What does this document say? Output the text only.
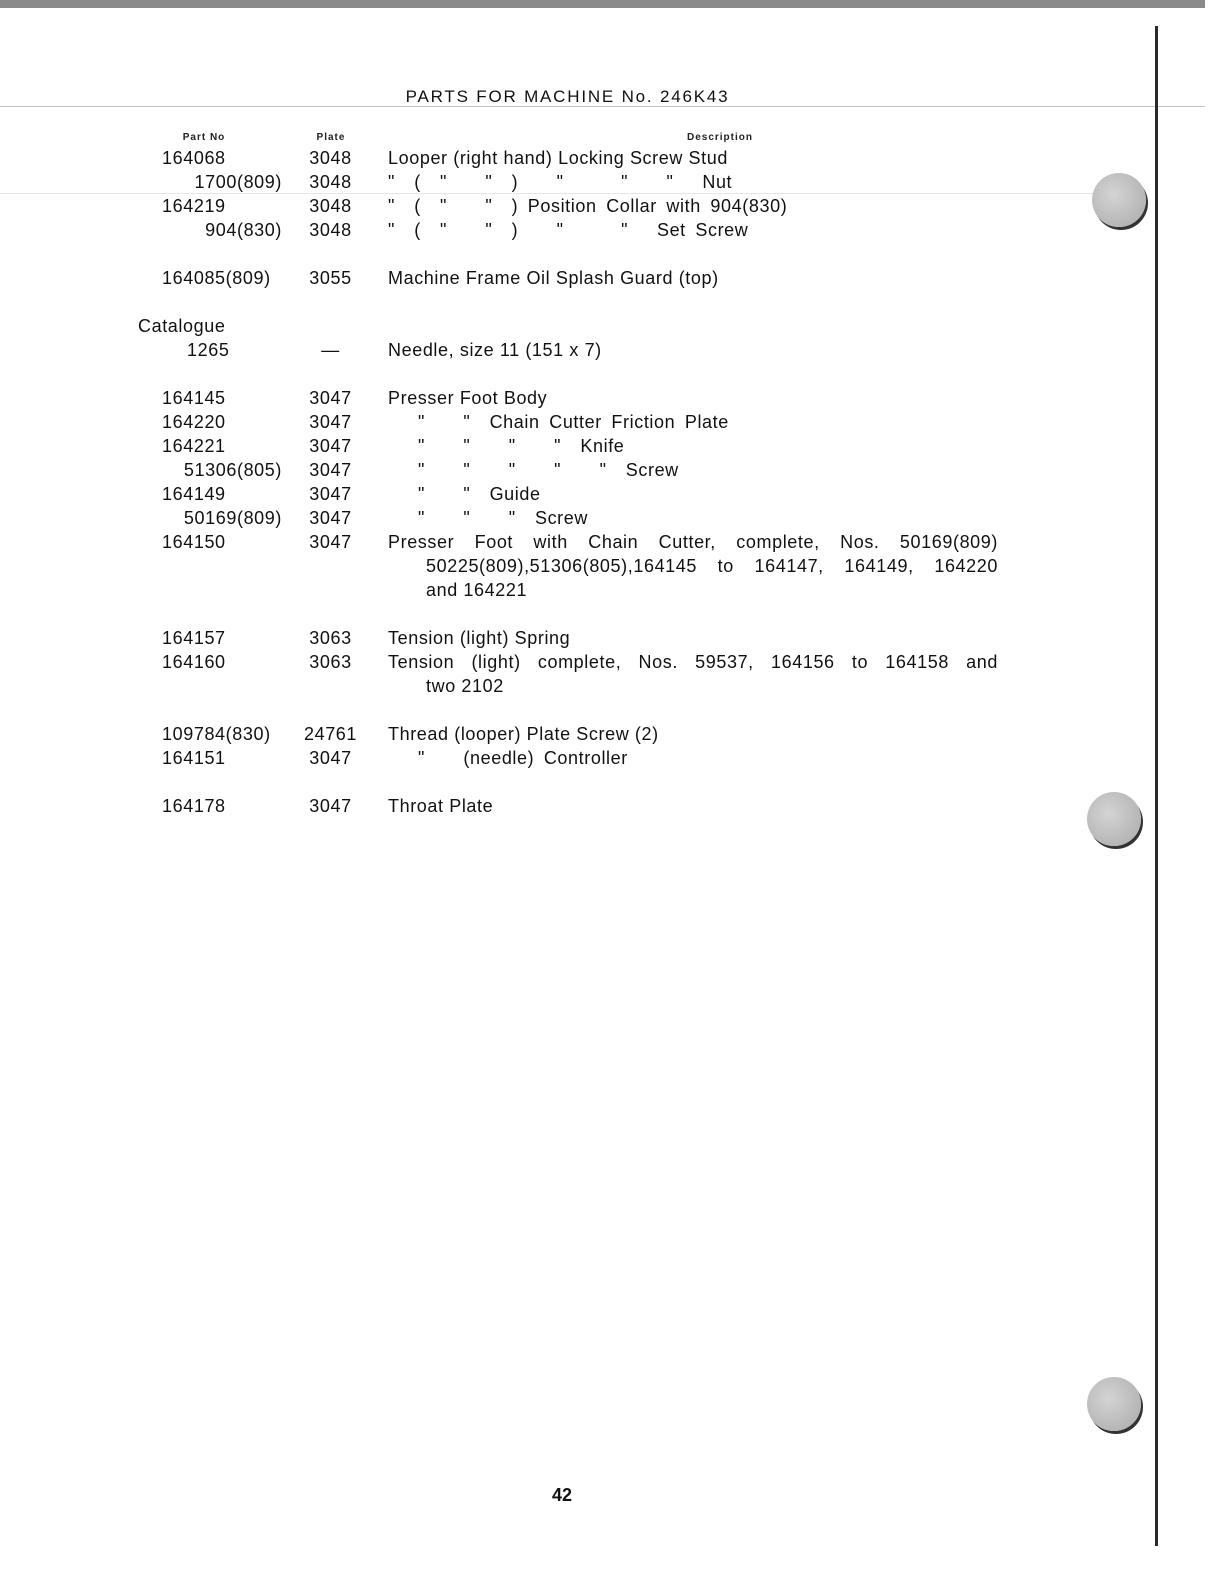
PARTS FOR MACHINE No. 246K43
Part No	Plate	Description
164068	3048	Looper (right hand) Locking Screw Stud
1700(809)	3048	"  (  "    "  )    "      "    "   Nut
164219	3048	"  (  "    "  ) Position Collar with 904(830)
904(830)	3048	"  (  "    "  )    "      "   Set Screw
164085(809)	3055	Machine Frame Oil Splash Guard (top)
Catalogue
1265	—	Needle, size 11 (151 x 7)
164145	3047	Presser Foot Body
164220	3047	"    "  Chain Cutter Friction Plate
164221	3047	"    "    "    "  Knife
51306(805)	3047	"    "    "    "    "  Screw
164149	3047	"    "  Guide
50169(809)	3047	"    "    "  Screw
164150	3047	Presser Foot with Chain Cutter, complete, Nos. 50169(809)
50225(809),51306(805),164145 to 164147, 164149, 164220
and 164221
164157	3063	Tension (light) Spring
164160	3063	Tension (light) complete, Nos. 59537, 164156 to 164158 and
two 2102
109784(830) 24761 Thread (looper) Plate Screw (2)
164151	3047	"    (needle) Controller
164178	3047	Throat Plate
42
